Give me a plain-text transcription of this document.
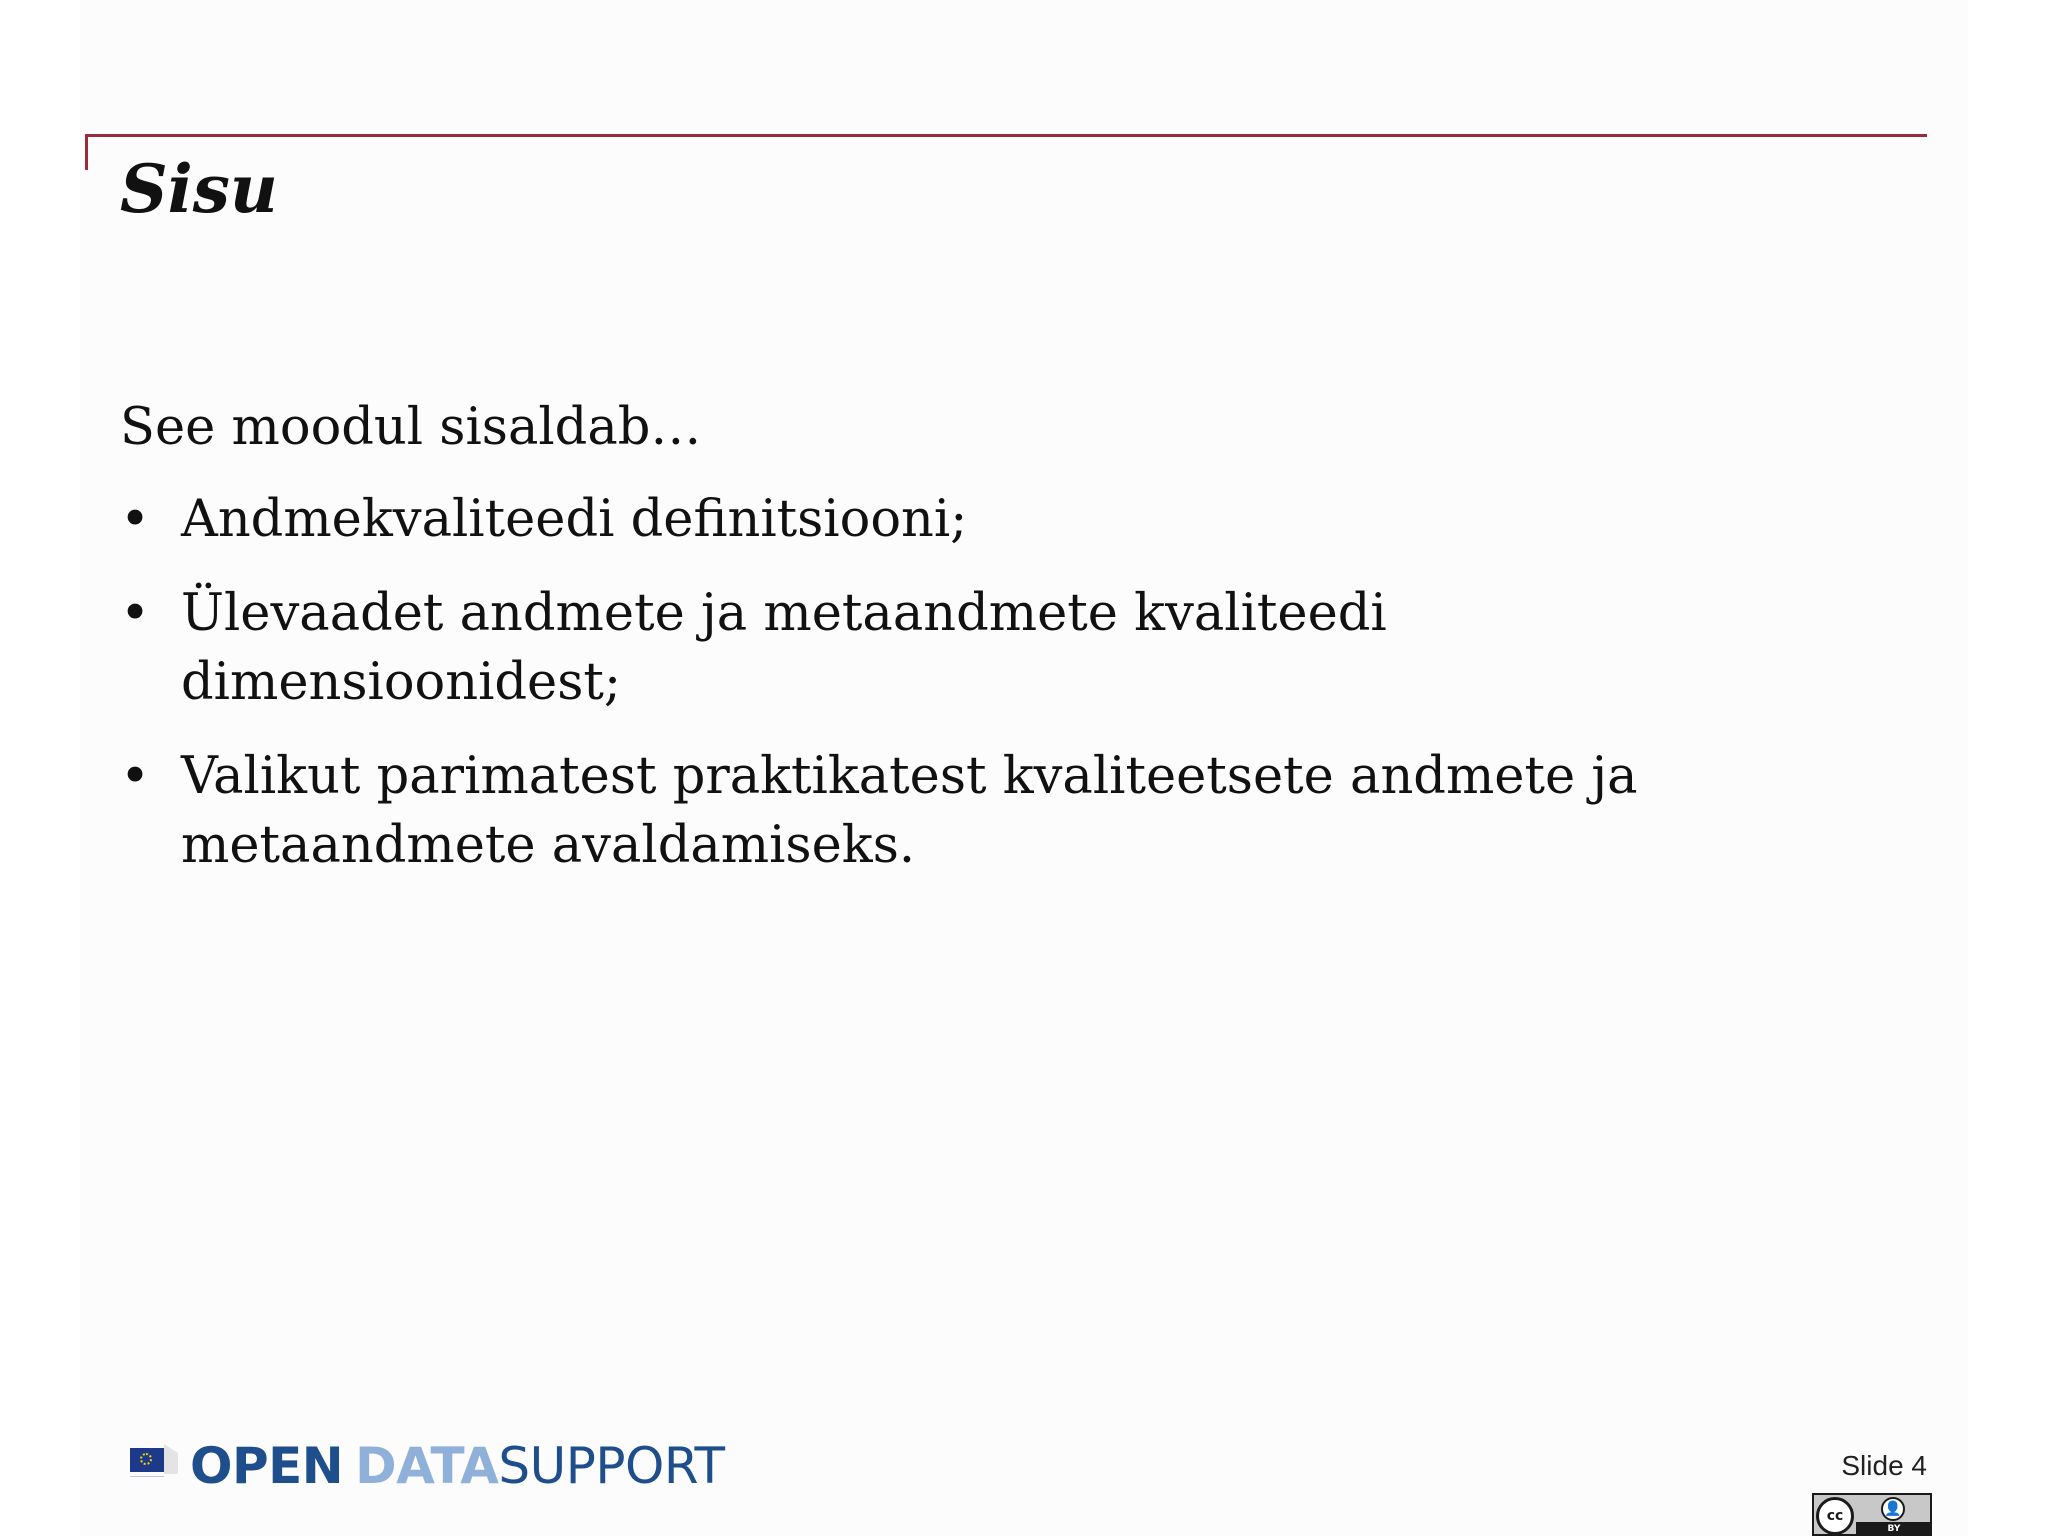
Sisu

See moodul sisaldab…

• Andmekvaliteedi definitsiooni;
• Ülevaadet andmete ja metaandmete kvaliteedi dimensioonidest;
• Valikut parimatest praktikatest kvaliteetsete andmete ja metaandmete avaldamiseks.
OPEN DATASUPPORT	Slide 4
cc	👤
BY
